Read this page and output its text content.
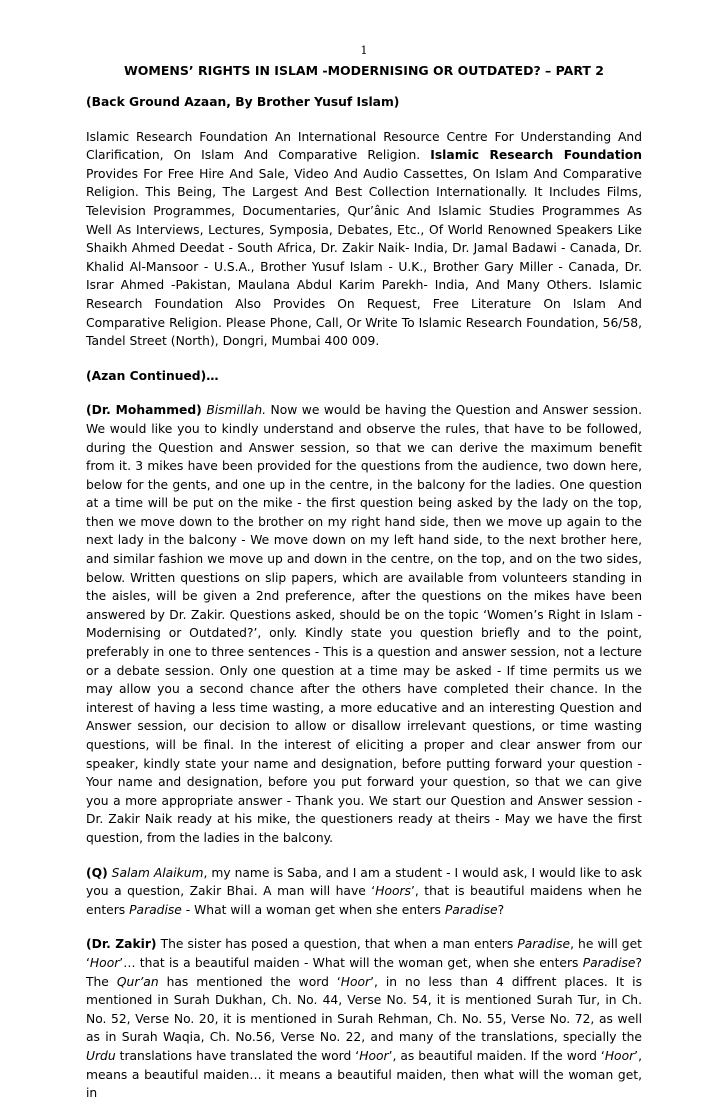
1
WOMENS’ RIGHTS IN ISLAM -MODERNISING OR OUTDATED? – PART 2

(Back Ground Azaan, By Brother Yusuf Islam)

Islamic Research Foundation An International Resource Centre For Understanding And Clarification, On Islam And Comparative Religion. Islamic Research Foundation Provides For Free Hire And Sale, Video And Audio Cassettes, On Islam And Comparative Religion. This Being, The Largest And Best Collection Internationally. It Includes Films, Television Programmes, Documentaries, Qur’ânic And Islamic Studies Programmes As Well As Interviews, Lectures, Symposia, Debates, Etc., Of World Renowned Speakers Like Shaikh Ahmed Deedat - South Africa, Dr. Zakir Naik- India, Dr. Jamal Badawi - Canada, Dr. Khalid Al-Mansoor - U.S.A., Brother Yusuf Islam - U.K., Brother Gary Miller - Canada, Dr. Israr Ahmed -Pakistan, Maulana Abdul Karim Parekh- India, And Many Others. Islamic Research Foundation Also Provides On Request, Free Literature On Islam And Comparative Religion. Please Phone, Call, Or Write To Islamic Research Foundation, 56/58, Tandel Street (North), Dongri, Mumbai 400 009.

(Azan Continued)…

(Dr. Mohammed) Bismillah. Now we would be having the Question and Answer session. We would like you to kindly understand and observe the rules, that have to be followed, during the Question and Answer session, so that we can derive the maximum benefit from it. 3 mikes have been provided for the questions from the audience, two down here, below for the gents, and one up in the centre, in the balcony for the ladies. One question at a time will be put on the mike - the first question being asked by the lady on the top, then we move down to the brother on my right hand side, then we move up again to the next lady in the balcony - We move down on my left hand side, to the next brother here, and similar fashion we move up and down in the centre, on the top, and on the two sides, below. Written questions on slip papers, which are available from volunteers standing in the aisles, will be given a 2nd preference, after the questions on the mikes have been answered by Dr. Zakir. Questions asked, should be on the topic ‘Women’s Right in Islam - Modernising or Outdated?’, only. Kindly state you question briefly and to the point, preferably in one to three sentences - This is a question and answer session, not a lecture or a debate session. Only one question at a time may be asked - If time permits us we may allow you a second chance after the others have completed their chance. In the interest of having a less time wasting, a more educative and an interesting Question and Answer session, our decision to allow or disallow irrelevant questions, or time wasting questions, will be final. In the interest of eliciting a proper and clear answer from our speaker, kindly state your name and designation, before putting forward your question - Your name and designation, before you put forward your question, so that we can give you a more appropriate answer - Thank you. We start our Question and Answer session - Dr. Zakir Naik ready at his mike, the questioners ready at theirs - May we have the first question, from the ladies in the balcony.

(Q) Salam Alaikum, my name is Saba, and I am a student - I would ask, I would like to ask you a question, Zakir Bhai. A man will have ‘Hoors’, that is beautiful maidens when he enters Paradise - What will a woman get when she enters Paradise?

(Dr. Zakir) The sister has posed a question, that when a man enters Paradise, he will get ‘Hoor’… that is a beautiful maiden - What will the woman get, when she enters Paradise? The Qur’an has mentioned the word ‘Hoor’, in no less than 4 diffrent places. It is mentioned in Surah Dukhan, Ch. No. 44, Verse No. 54, it is mentioned Surah Tur, in Ch. No. 52, Verse No. 20, it is mentioned in Surah Rehman, Ch. No. 55, Verse No. 72, as well as in Surah Waqia, Ch. No.56, Verse No. 22, and many of the translations, specially the Urdu translations have translated the word ‘Hoor’, as beautiful maiden. If the word ‘Hoor’, means a beautiful maiden… it means a beautiful maiden, then what will the woman get, in
